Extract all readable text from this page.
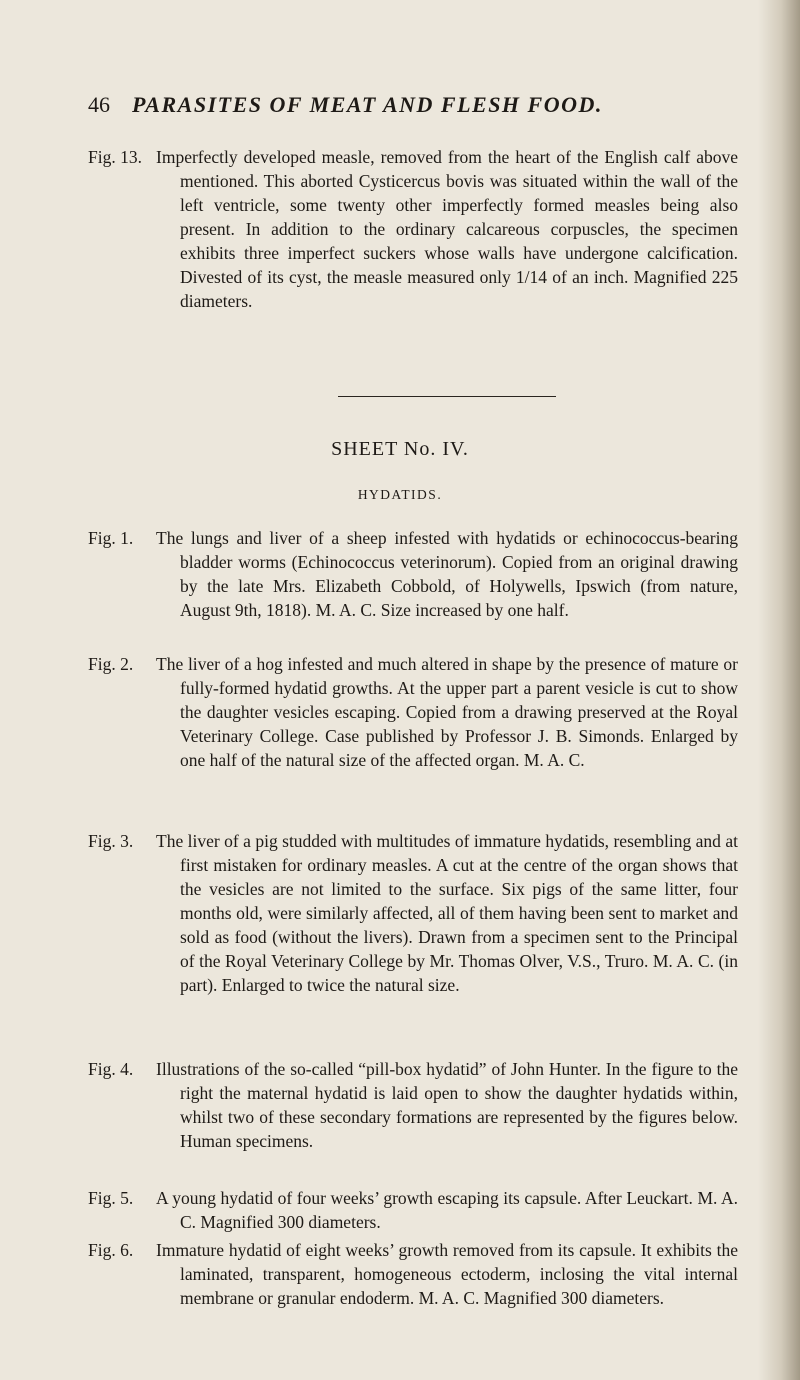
46 PARASITES OF MEAT AND FLESH FOOD.
Fig. 13. Imperfectly developed measle, removed from the heart of the English calf above mentioned. This aborted Cysticercus bovis was situated within the wall of the left ventricle, some twenty other imperfectly formed measles being also present. In addition to the ordinary calcareous corpuscles, the specimen exhibits three imperfect suckers whose walls have undergone calcification. Divested of its cyst, the measle measured only 1/14 of an inch. Magnified 225 diameters.
SHEET No. IV.
HYDATIDS.
Fig. 1. The lungs and liver of a sheep infested with hydatids or echinococcus-bearing bladder worms (Echinococcus veterinorum). Copied from an original drawing by the late Mrs. Elizabeth Cobbold, of Holywells, Ipswich (from nature, August 9th, 1818). M. A. C. Size increased by one half.
Fig. 2. The liver of a hog infested and much altered in shape by the presence of mature or fully-formed hydatid growths. At the upper part a parent vesicle is cut to show the daughter vesicles escaping. Copied from a drawing preserved at the Royal Veterinary College. Case published by Professor J. B. Simonds. Enlarged by one half of the natural size of the affected organ. M. A. C.
Fig. 3. The liver of a pig studded with multitudes of immature hydatids, resembling and at first mistaken for ordinary measles. A cut at the centre of the organ shows that the vesicles are not limited to the surface. Six pigs of the same litter, four months old, were similarly affected, all of them having been sent to market and sold as food (without the livers). Drawn from a specimen sent to the Principal of the Royal Veterinary College by Mr. Thomas Olver, V.S., Truro. M. A. C. (in part). Enlarged to twice the natural size.
Fig. 4. Illustrations of the so-called “pill-box hydatid” of John Hunter. In the figure to the right the maternal hydatid is laid open to show the daughter hydatids within, whilst two of these secondary formations are represented by the figures below. Human specimens.
Fig. 5. A young hydatid of four weeks’ growth escaping its capsule. After Leuckart. M. A. C. Magnified 300 diameters.
Fig. 6. Immature hydatid of eight weeks’ growth removed from its capsule. It exhibits the laminated, transparent, homogeneous ectoderm, inclosing the vital internal membrane or granular endoderm. M. A. C. Magnified 300 diameters.
